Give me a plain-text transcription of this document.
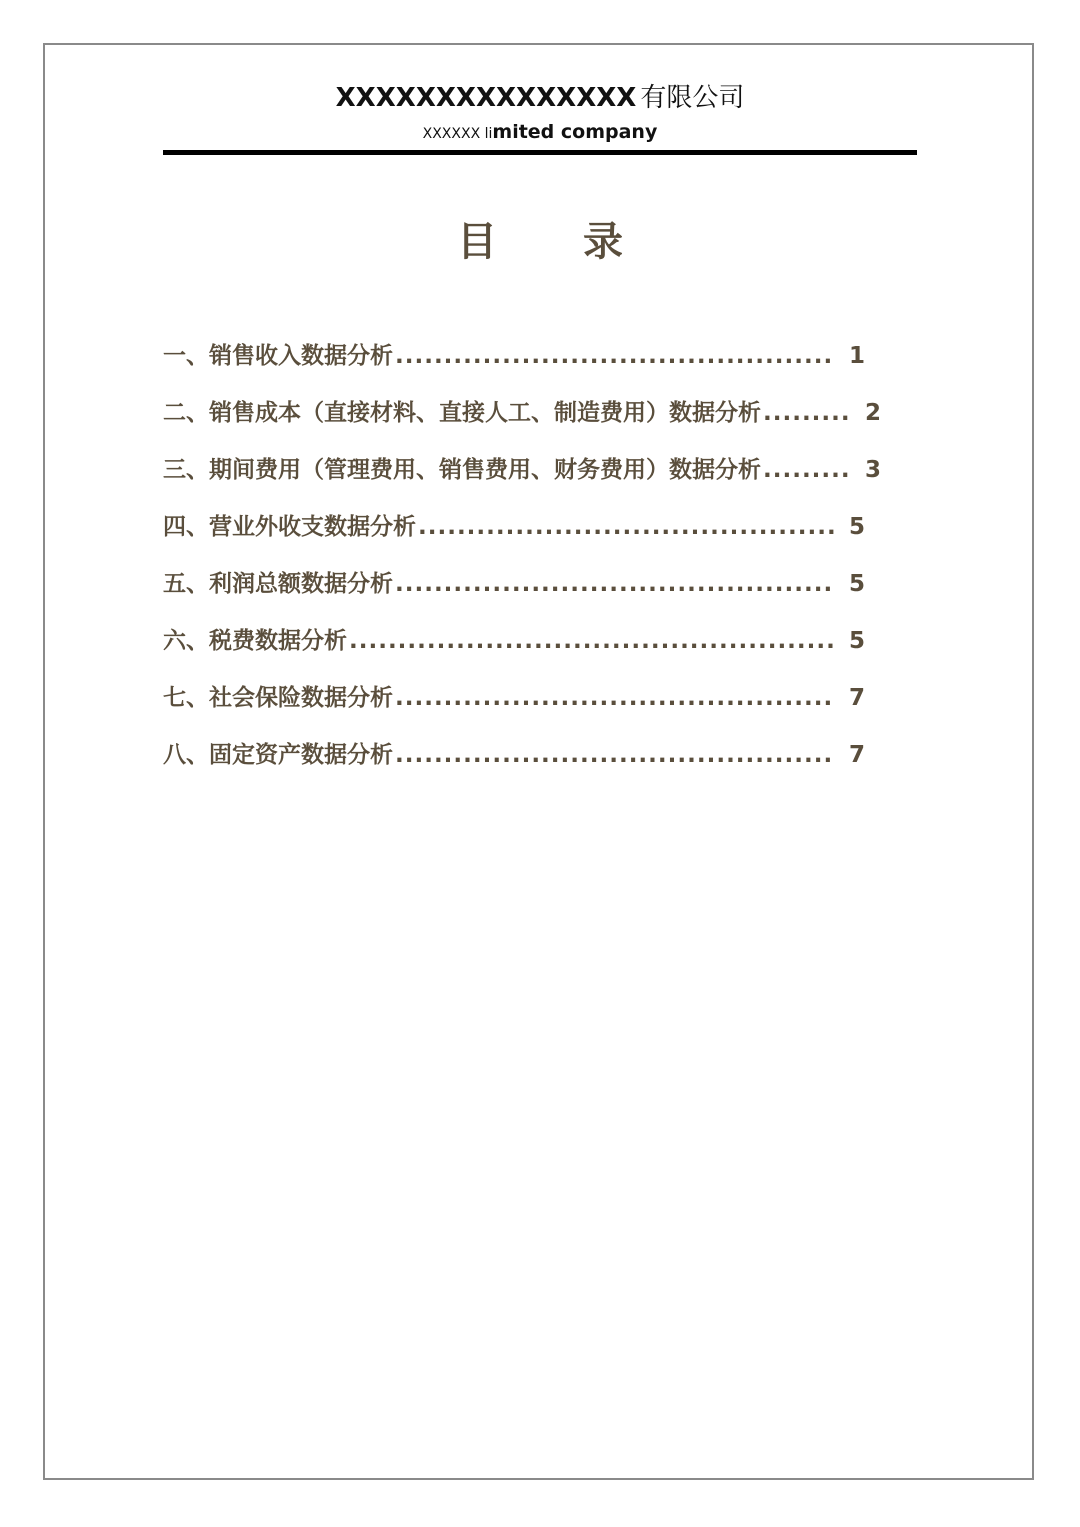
XXXXXXXXXXXXXXX 有限公司
XXXXXX limited company
目 录
一、销售收入数据分析 .....	1
二、销售成本（直接材料、直接人工、制造费用）数据分析 .....	2
三、期间费用（管理费用、销售费用、财务费用）数据分析 .....	3
四、营业外收支数据分析 .....	5
五、利润总额数据分析 .....	5
六、税费数据分析 .....	5
七、社会保险数据分析 .....	7
八、固定资产数据分析 .....	7
